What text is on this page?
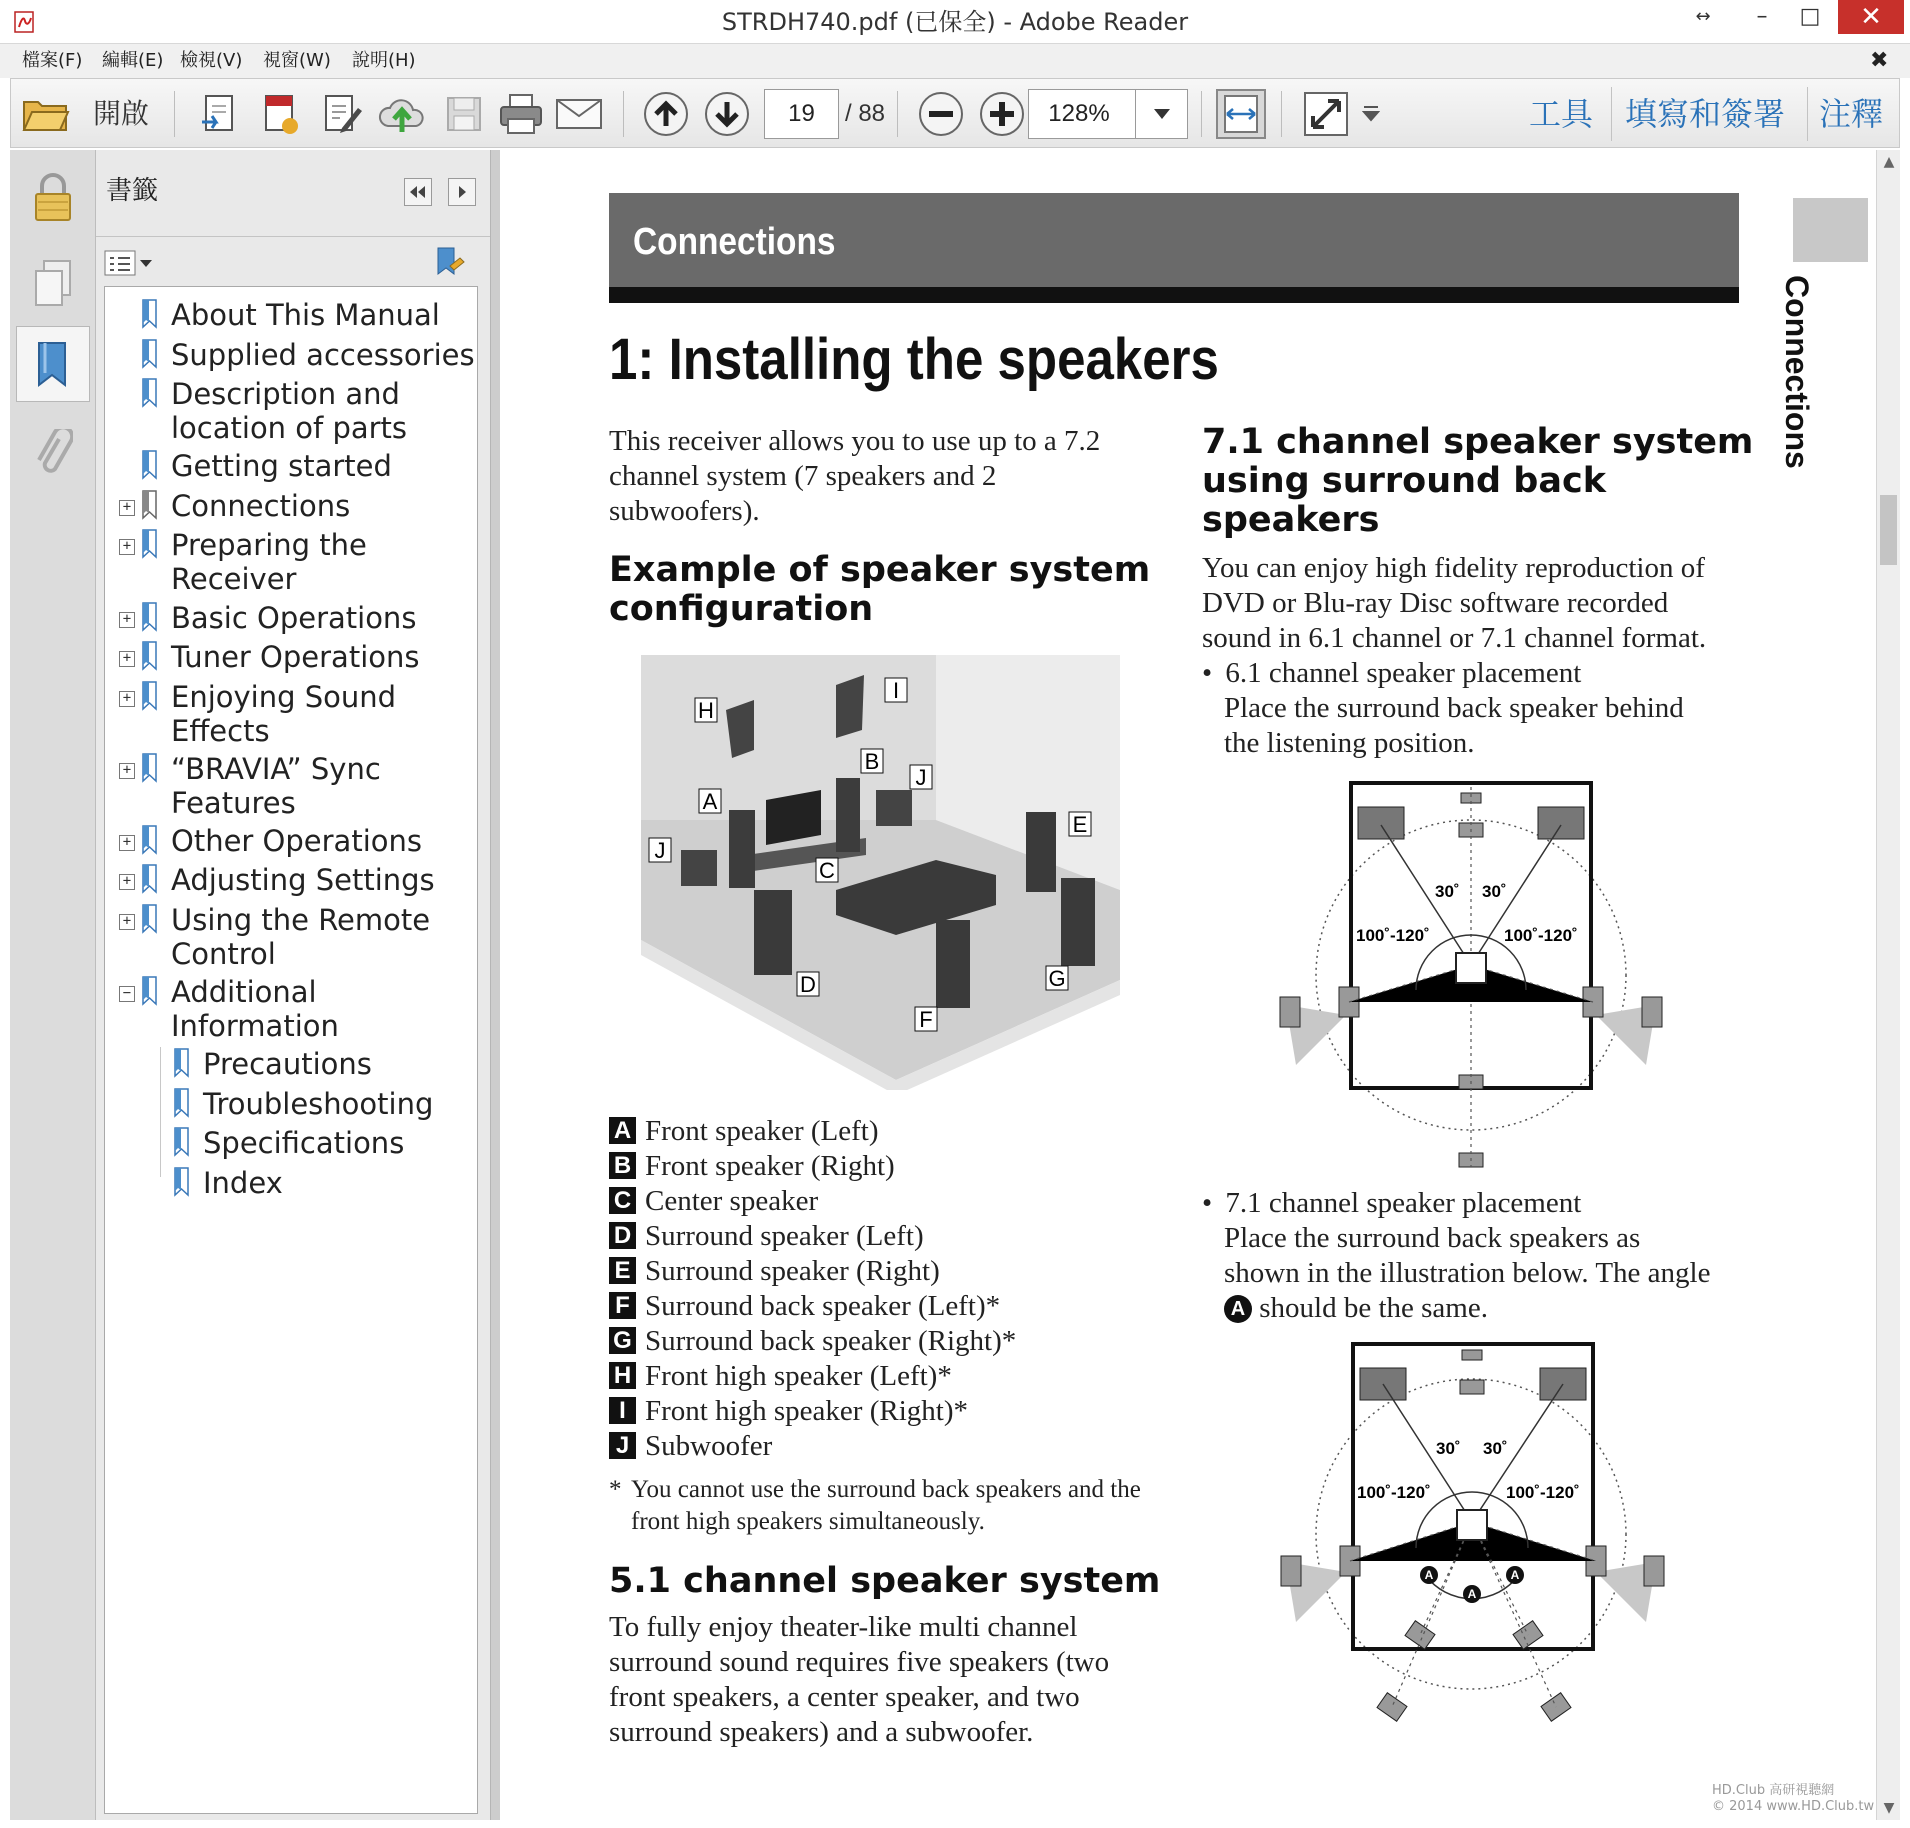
STRDH740.pdf (已保全) - Adobe Reader	↔	–	□	✕
檔案(F) 編輯(E) 檢視(V) 視窗(W) 說明(H)	✖
開啟	19	/ 88	128%	工具 填寫和簽署 注釋
書籤
About This Manual
Supplied accessories
Description and
location of parts
Getting started
+ Connections
+ Preparing the
Receiver
+ Basic Operations
+ Tuner Operations
+ Enjoying Sound
Effects
+ “BRAVIA” Sync
Features
+ Other Operations
+ Adjusting Settings
+ Using the Remote
Control
− Additional
Information
Precautions
Troubleshooting
Specifications
Index
Connections
Connections
1: Installing the speakers
This receiver allows you to use up to a 7.2
channel system (7 speakers and 2
subwoofers).
Example of speaker system
configuration
H
I
B
J
A
E
J
C
D	G
F
A Front speaker (Left)
B Front speaker (Right)
C Center speaker
D Surround speaker (Left)
E Surround speaker (Right)
F Surround back speaker (Left)*
G Surround back speaker (Right)*
H Front high speaker (Left)*
I Front high speaker (Right)*
J Subwoofer
* You cannot use the surround back speakers and the front high speakers simultaneously.
5.1 channel speaker system
To fully enjoy theater-like multi channel
surround sound requires five speakers (two
front speakers, a center speaker, and two
surround speakers) and a subwoofer.
7.1 channel speaker system
using surround back
speakers
You can enjoy high fidelity reproduction of
DVD or Blu-ray Disc software recorded
sound in 6.1 channel or 7.1 channel format.
• 6.1 channel speaker placement
Place the surround back speaker behind
the listening position.
30˚ 30˚
100˚-120˚	100˚-120˚
• 7.1 channel speaker placement
Place the surround back speakers as
shown in the illustration below. The angle
A should be the same.
30˚ 30˚
100˚-120˚	100˚-120˚
A
A
A
▲
▼
HD.Club 高研視聽網
© 2014 www.HD.Club.tw
